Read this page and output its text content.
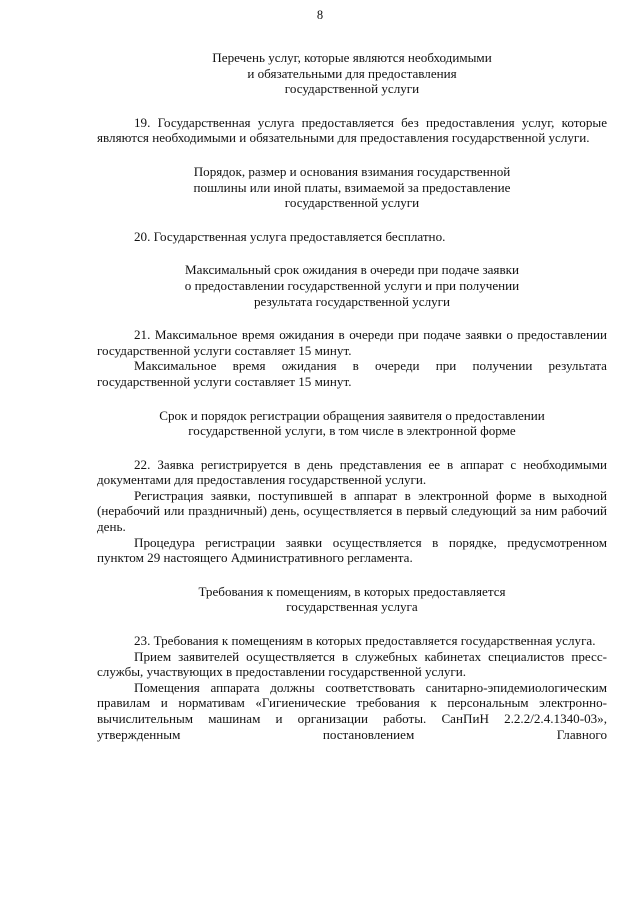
8
Перечень услуг, которые являются необходимыми
и обязательными для предоставления
государственной услуги

19. Государственная услуга предоставляется без предоставления услуг, которые являются необходимыми и обязательными для предоставления государственной услуги.

Порядок, размер и основания взимания государственной
пошлины или иной платы, взимаемой за предоставление
государственной услуги

20. Государственная услуга предоставляется бесплатно.

Максимальный срок ожидания в очереди при подаче заявки
о предоставлении государственной услуги и при получении
результата государственной услуги

21. Максимальное время ожидания в очереди при подаче заявки о предоставлении государственной услуги составляет 15 минут.

Максимальное время ожидания в очереди при получении результата государственной услуги составляет 15 минут.

Срок и порядок регистрации обращения заявителя о предоставлении
государственной услуги, в том числе в электронной форме

22. Заявка регистрируется в день представления ее в аппарат с необходимыми документами для предоставления государственной услуги.

Регистрация заявки, поступившей в аппарат в электронной форме в выходной (нерабочий или праздничный) день, осуществляется в первый следующий за ним рабочий день.

Процедура регистрации заявки осуществляется в порядке, предусмотренном пунктом 29 настоящего Административного регламента.

Требования к помещениям, в которых предоставляется
государственная услуга

23. Требования к помещениям в которых предоставляется государственная услуга.

Прием заявителей осуществляется в служебных кабинетах специалистов пресс-службы, участвующих в предоставлении государственной услуги.

Помещения аппарата должны соответствовать санитарно-эпидемиологическим правилам и нормативам «Гигиенические требования к персональным электронно-вычислительным машинам и организации работы. СанПиН 2.2.2/2.4.1340-03», утвержденным постановлением Главного
